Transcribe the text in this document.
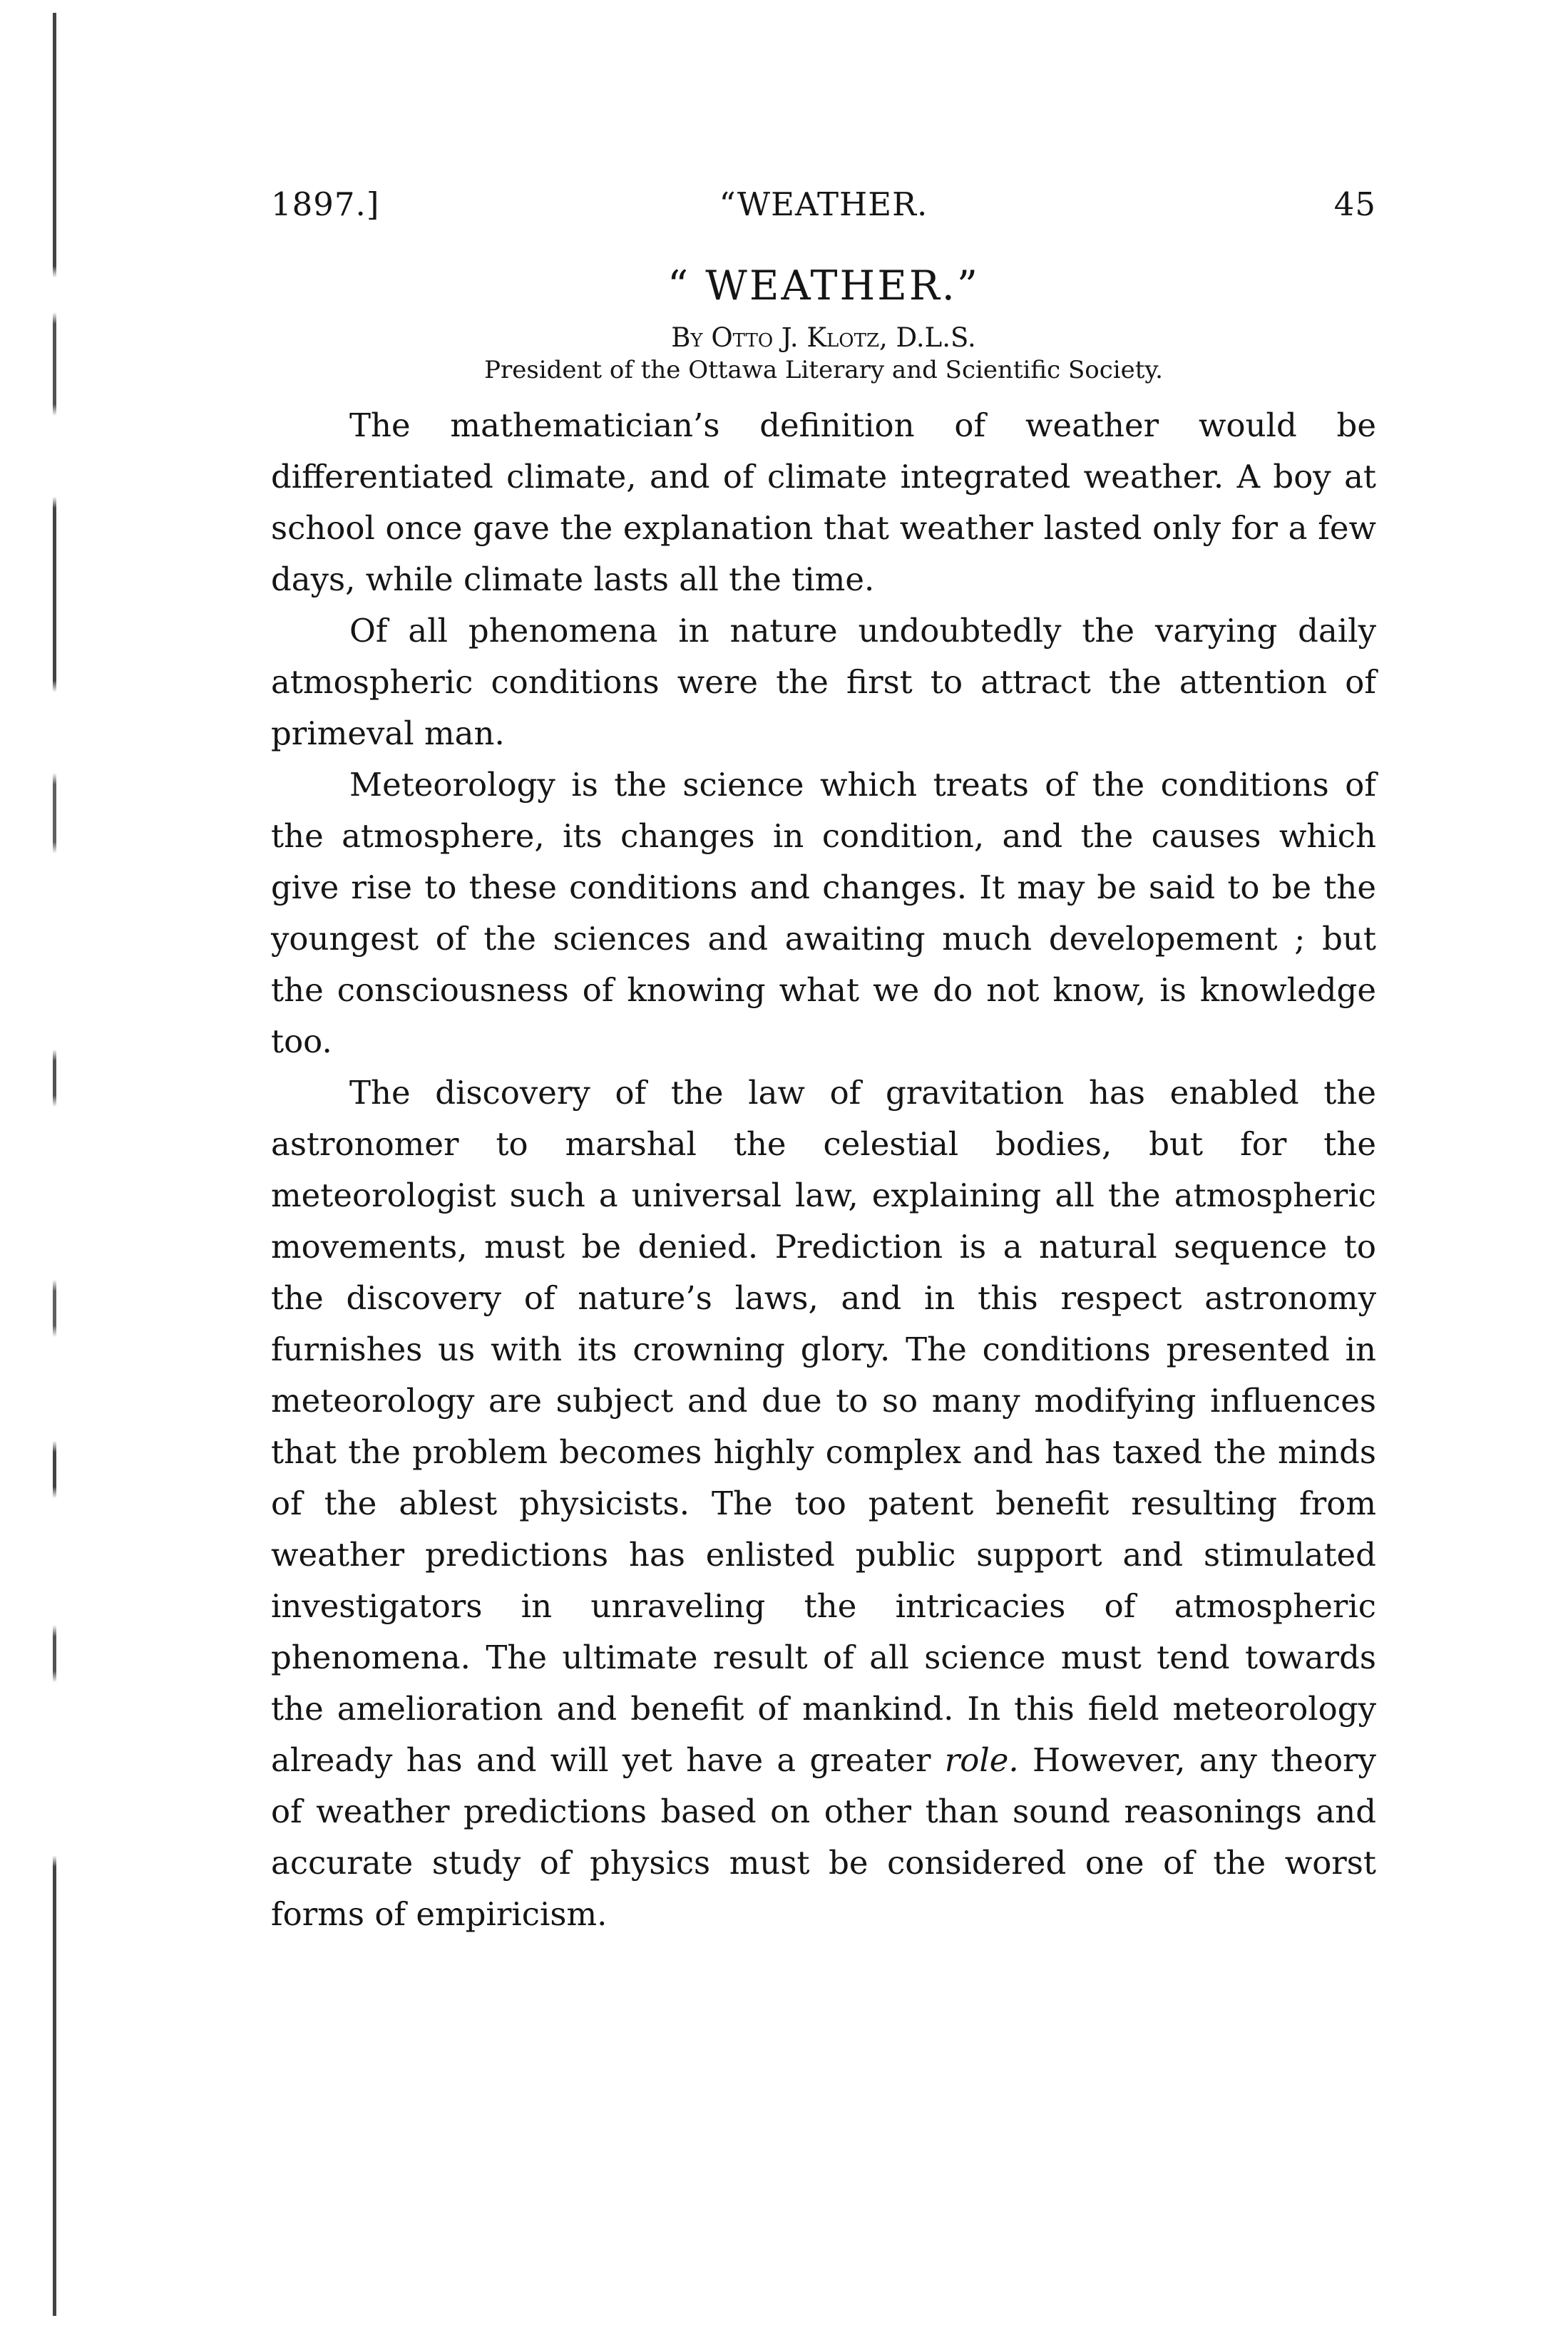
1897.]	“WEATHER.	45
“ WEATHER.”
By Otto J. Klotz, D.L.S.
President of the Ottawa Literary and Scientific Society.

The mathematician’s definition of weather would be differentiated climate, and of climate integrated weather. A boy at school once gave the explanation that weather lasted only for a few days, while climate lasts all the time.

Of all phenomena in nature undoubtedly the varying daily atmospheric conditions were the first to attract the attention of primeval man.

Meteorology is the science which treats of the conditions of the atmosphere, its changes in condition, and the causes which give rise to these conditions and changes. It may be said to be the youngest of the sciences and awaiting much developement ; but the consciousness of knowing what we do not know, is knowledge too.

The discovery of the law of gravitation has enabled the astronomer to marshal the celestial bodies, but for the meteorologist such a universal law, explaining all the atmospheric movements, must be denied. Prediction is a natural sequence to the discovery of nature’s laws, and in this respect astronomy furnishes us with its crowning glory. The conditions presented in meteorology are subject and due to so many modifying influences that the problem becomes highly complex and has taxed the minds of the ablest physicists. The too patent benefit resulting from weather predictions has enlisted public support and stimulated investigators in unraveling the intricacies of atmospheric phenomena. The ultimate result of all science must tend towards the amelioration and benefit of mankind. In this field meteorology already has and will yet have a greater role. However, any theory of weather predictions based on other than sound reasonings and accurate study of physics must be considered one of the worst forms of empiricism.
